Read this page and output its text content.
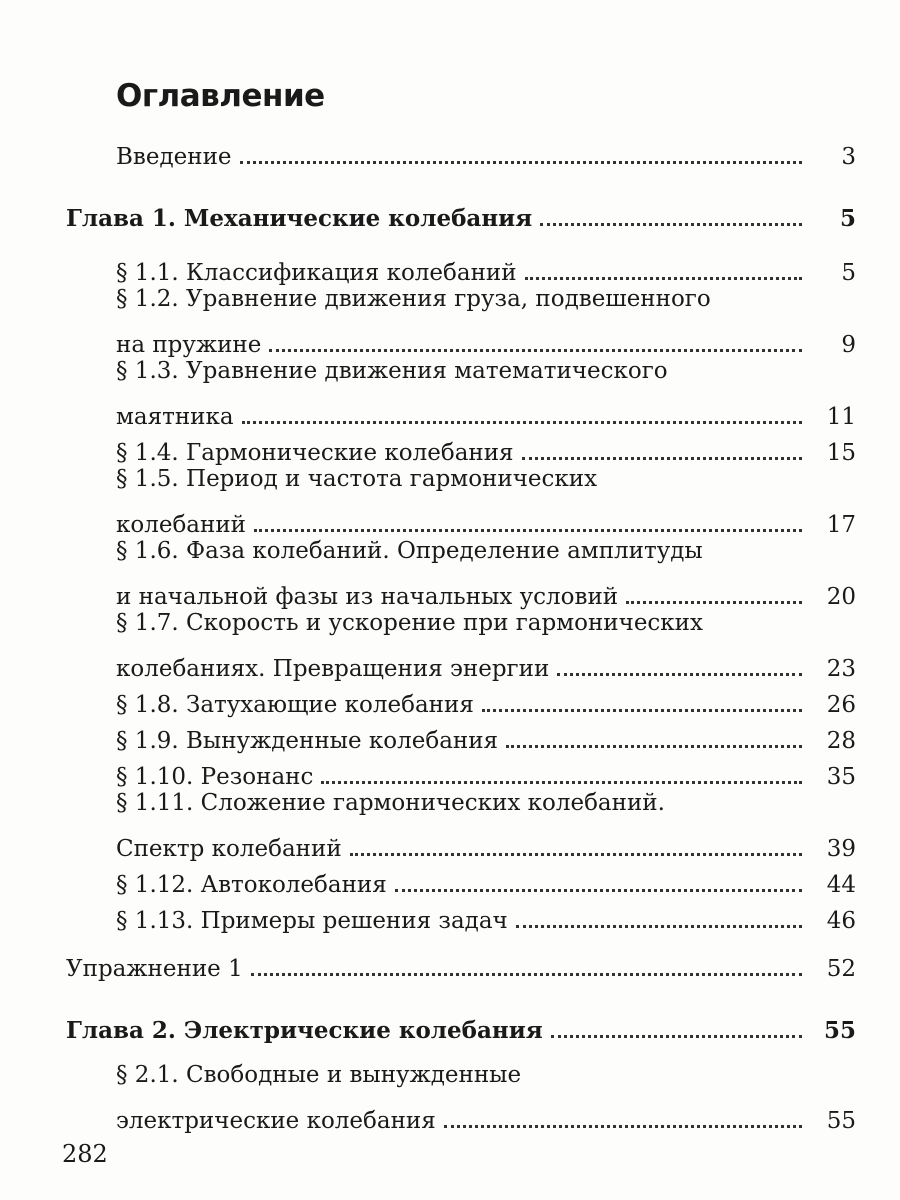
Оглавление
Введение	3
Глава 1. Механические колебания	5
§ 1.1. Классификация колебаний	5
§ 1.2. Уравнение движения груза, подвешенного
на пружине	9
§ 1.3. Уравнение движения математического
маятника	11
§ 1.4. Гармонические колебания	15
§ 1.5. Период и частота гармонических
колебаний	17
§ 1.6. Фаза колебаний. Определение амплитуды
и начальной фазы из начальных условий	20
§ 1.7. Скорость и ускорение при гармонических
колебаниях. Превращения энергии	23
§ 1.8. Затухающие колебания	26
§ 1.9. Вынужденные колебания	28
§ 1.10. Резонанс	35
§ 1.11. Сложение гармонических колебаний.
Спектр колебаний	39
§ 1.12. Автоколебания	44
§ 1.13. Примеры решения задач	46
Упражнение 1	52
Глава 2. Электрические колебания	55
§ 2.1. Свободные и вынужденные
электрические колебания	55
282
